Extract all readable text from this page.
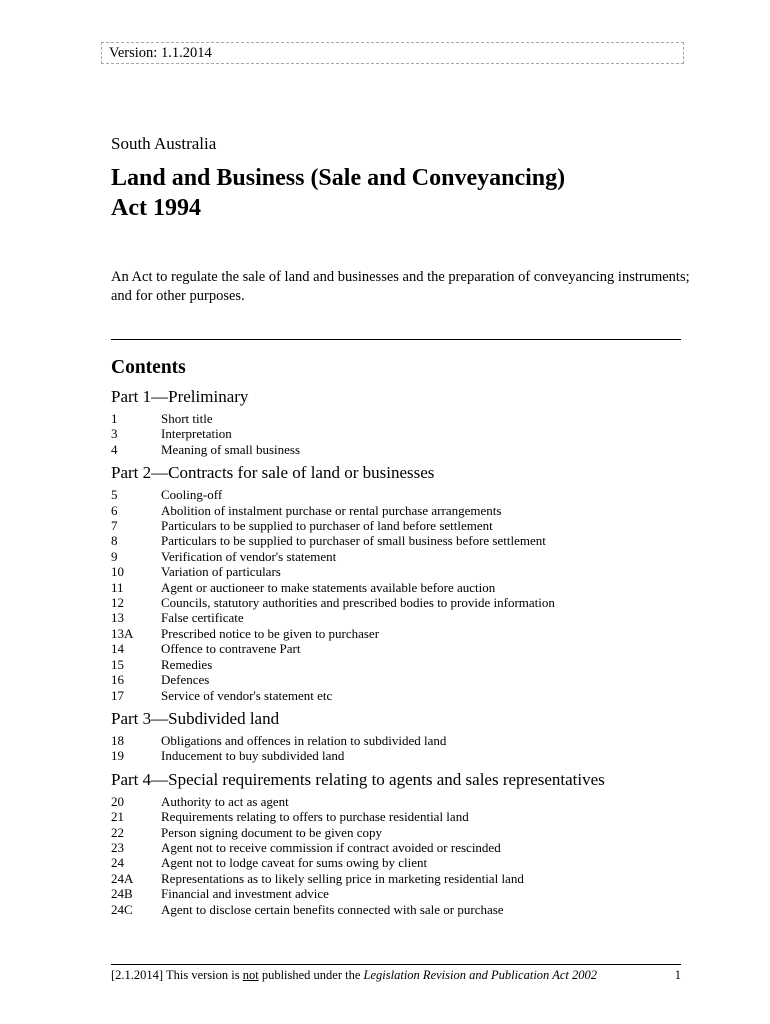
Version: 1.1.2014
South Australia
Land and Business (Sale and Conveyancing)
Act 1994
An Act to regulate the sale of land and businesses and the preparation of conveyancing instruments; and for other purposes.
Contents
Part 1—Preliminary
1	Short title
3	Interpretation
4	Meaning of small business
Part 2—Contracts for sale of land or businesses
5	Cooling-off
6	Abolition of instalment purchase or rental purchase arrangements
7	Particulars to be supplied to purchaser of land before settlement
8	Particulars to be supplied to purchaser of small business before settlement
9	Verification of vendor's statement
10	Variation of particulars
11	Agent or auctioneer to make statements available before auction
12	Councils, statutory authorities and prescribed bodies to provide information
13	False certificate
13A	Prescribed notice to be given to purchaser
14	Offence to contravene Part
15	Remedies
16	Defences
17	Service of vendor's statement etc
Part 3—Subdivided land
18	Obligations and offences in relation to subdivided land
19	Inducement to buy subdivided land
Part 4—Special requirements relating to agents and sales representatives
20	Authority to act as agent
21	Requirements relating to offers to purchase residential land
22	Person signing document to be given copy
23	Agent not to receive commission if contract avoided or rescinded
24	Agent not to lodge caveat for sums owing by client
24A	Representations as to likely selling price in marketing residential land
24B	Financial and investment advice
24C	Agent to disclose certain benefits connected with sale or purchase
[2.1.2014] This version is not published under the Legislation Revision and Publication Act 2002	1
